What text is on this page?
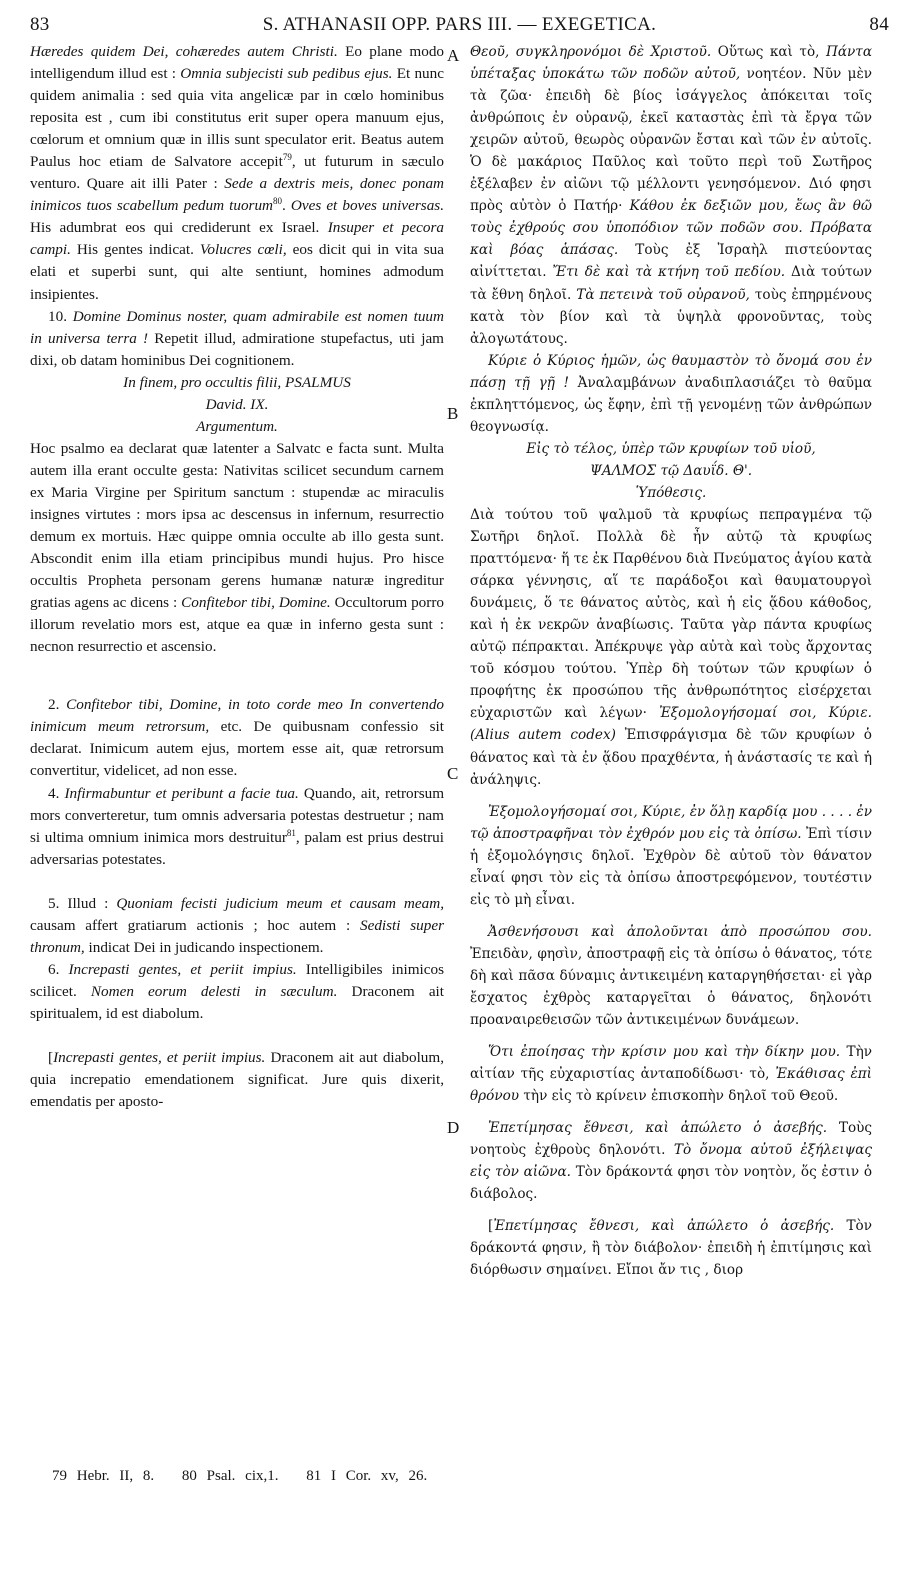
83	S. ATHANASII OPP. PARS III. — EXEGETICA.	84
A
B
C
D

Hæredes quidem Dei, cohæredes autem Christi. Eo plane modo intelligendum illud est : Omnia subjecisti sub pedibus ejus. Et nunc quidem animalia : sed quia vita angelicæ par in cœlo hominibus reposita est , cum ibi constitutus erit super opera manuum ejus, cœlorum et omnium quæ in illis sunt speculator erit. Beatus autem Paulus hoc etiam de Salvatore accepit$^{79}$, ut futurum in sæculo venturo. Quare ait illi Pater : Sede a dextris meis, donec ponam inimicos tuos scabellum pedum tuorum$^{80}$. Oves et boves universas. His adumbrat eos qui crediderunt ex Israel. Insuper et pecora campi. His gentes indicat. Volucres cœli, eos dicit qui in vita sua elati et superbi sunt, qui alte sentiunt, homines admodum insipientes.

10. Domine Dominus noster, quam admirabile est nomen tuum in universa terra ! Repetit illud, admiratione stupefactus, uti jam dixi, ob datam hominibus Dei cognitionem.

In finem, pro occultis filii, PSALMUS

David. IX.

Argumentum.

Hoc psalmo ea declarat quæ latenter a Salvatc e facta sunt. Multa autem illa erant occulte gesta: Nativitas scilicet secundum carnem ex Maria Virgine per Spiritum sanctum : stupendæ ac miraculis insignes virtutes : mors ipsa ac descensus in infernum, resurrectio demum ex mortuis. Hæc quippe omnia occulte ab illo gesta sunt. Abscondit enim illa etiam principibus mundi hujus. Pro hisce occultis Propheta personam gerens humanæ naturæ ingreditur gratias agens ac dicens : Confitebor tibi, Domine. Occultorum porro illorum revelatio mors est, atque ea quæ in inferno gesta sunt : necnon resurrectio et ascensio.

2. Confitebor tibi, Domine, in toto corde meo In convertendo inimicum meum retrorsum, etc. De quibusnam confessio sit declarat. Inimicum autem ejus, mortem esse ait, quæ retrorsum convertitur, videlicet, ad non esse.

4. Infirmabuntur et peribunt a facie tua. Quando, ait, retrorsum mors converteretur, tum omnis adversaria potestas destruetur ; nam si ultima omnium inimica mors destruitur$^{81}$, palam est prius destrui adversarias potestates.

5. Illud : Quoniam fecisti judicium meum et causam meam, causam affert gratiarum actionis ; hoc autem : Sedisti super thronum, indicat Dei in judicando inspectionem.

6. Increpasti gentes, et periit impius. Intelligibiles inimicos scilicet. Nomen eorum delesti in sæculum. Draconem ait spiritualem, id est diabolum.

[Increpasti gentes, et periit impius. Draconem ait aut diabolum, quia increpatio emendationem significat. Jure quis dixerit, emendatis per aposto-

Θεοῦ, συγκληρονόμοι δὲ Χριστοῦ. Οὕτως καὶ τὸ, Πάντα ὑπέταξας ὑποκάτω τῶν ποδῶν αὐτοῦ, νοητέον. Νῦν μὲν τὰ ζῶα· ἐπειδὴ δὲ βίος ἰσάγγελος ἀπόκειται τοῖς ἀνθρώποις ἐν οὐρανῷ, ἐκεῖ καταστὰς ἐπὶ τὰ ἔργα τῶν χειρῶν αὐτοῦ, θεωρὸς οὐρανῶν ἔσται καὶ τῶν ἐν αὐτοῖς. Ὁ δὲ μακάριος Παῦλος καὶ τοῦτο περὶ τοῦ Σωτῆρος ἐξέλαβεν ἐν αἰῶνι τῷ μέλλοντι γενησόμενον. Διό φησι πρὸς αὐτὸν ὁ Πατήρ· Κάθου ἐκ δεξιῶν μου, ἕως ἂν θῶ τοὺς ἐχθρούς σου ὑποπόδιον τῶν ποδῶν σου. Πρόβατα καὶ βόας ἁπάσας. Τοὺς ἐξ Ἰσραὴλ πιστεύοντας αἰνίττεται. Ἔτι δὲ καὶ τὰ κτήνη τοῦ πεδίου. Διὰ τούτων τὰ ἔθνη δηλοῖ. Τὰ πετεινὰ τοῦ οὐρανοῦ, τοὺς ἐπηρμένους κατὰ τὸν βίον καὶ τὰ ὑψηλὰ φρονοῦντας, τοὺς ἀλογωτάτους.

Κύριε ὁ Κύριος ἡμῶν, ὡς θαυμαστὸν τὸ ὄνομά σου ἐν πάσῃ τῇ γῇ ! Ἀναλαμβάνων ἀναδιπλασιάζει τὸ θαῦμα ἐκπληττόμενος, ὡς ἔφην, ἐπὶ τῇ γενομένῃ τῶν ἀνθρώπων θεογνωσίᾳ.

Εἰς τὸ τέλος, ὑπὲρ τῶν κρυφίων τοῦ υἱοῦ,

ΨΑΛΜΟΣ τῷ Δαυΐδ. Θ'.

Ὑπόθεσις.

Διὰ τούτου τοῦ ψαλμοῦ τὰ κρυφίως πεπραγμένα τῷ Σωτῆρι δηλοῖ. Πολλὰ δὲ ἦν αὐτῷ τὰ κρυφίως πραττόμενα· ἥ τε ἐκ Παρθένου διὰ Πνεύματος ἁγίου κατὰ σάρκα γέννησις, αἵ τε παράδοξοι καὶ θαυματουργοὶ δυνάμεις, ὅ τε θάνατος αὐτὸς, καὶ ἡ εἰς ᾅδου κάθοδος, καὶ ἡ ἐκ νεκρῶν ἀναβίωσις. Ταῦτα γὰρ πάντα κρυφίως αὐτῷ πέπρακται. Ἀπέκρυψε γὰρ αὐτὰ καὶ τοὺς ἄρχοντας τοῦ κόσμου τούτου. Ὑπὲρ δὴ τούτων τῶν κρυφίων ὁ προφήτης ἐκ προσώπου τῆς ἀνθρωπότητος εἰσέρχεται εὐχαριστῶν καὶ λέγων· Ἐξομολογήσομαί σοι, Κύριε. (Alius autem codex) Ἐπισφράγισμα δὲ τῶν κρυφίων ὁ θάνατος καὶ τὰ ἐν ᾅδου πραχθέντα, ἡ ἀνάστασίς τε καὶ ἡ ἀνάληψις.

Ἐξομολογήσομαί σοι, Κύριε, ἐν ὅλῃ καρδίᾳ μου . . . . ἐν τῷ ἀποστραφῆναι τὸν ἐχθρόν μου εἰς τὰ ὀπίσω. Ἐπὶ τίσιν ἡ ἐξομολόγησις δηλοῖ. Ἐχθρὸν δὲ αὐτοῦ τὸν θάνατον εἶναί φησι τὸν εἰς τὰ ὀπίσω ἀποστρεφόμενον, τουτέστιν εἰς τὸ μὴ εἶναι.

Ἀσθενήσουσι καὶ ἀπολοῦνται ἀπὸ προσώπου σου. Ἐπειδὰν, φησὶν, ἀποστραφῇ εἰς τὰ ὀπίσω ὁ θάνατος, τότε δὴ καὶ πᾶσα δύναμις ἀντικειμένη καταργηθήσεται· εἰ γὰρ ἔσχατος ἐχθρὸς καταργεῖται ὁ θάνατος, δηλονότι προαναιρεθεισῶν τῶν ἀντικειμένων δυνάμεων.

Ὅτι ἐποίησας τὴν κρίσιν μου καὶ τὴν δίκην μου. Τὴν αἰτίαν τῆς εὐχαριστίας ἀνταποδίδωσι· τὸ, Ἐκάθισας ἐπὶ θρόνου τὴν εἰς τὸ κρίνειν ἐπισκοπὴν δηλοῖ τοῦ Θεοῦ.

Ἐπετίμησας ἔθνεσι, καὶ ἀπώλετο ὁ ἀσεβής. Τοὺς νοητοὺς ἐχθροὺς δηλονότι. Τὸ ὄνομα αὐτοῦ ἐξήλειψας εἰς τὸν αἰῶνα. Τὸν δράκοντά φησι τὸν νοητὸν, ὅς ἐστιν ὁ διάβολος.

[Ἐπετίμησας ἔθνεσι, καὶ ἀπώλετο ὁ ἀσεβής. Τὸν δράκοντά φησιν, ἢ τὸν διάβολον· ἐπειδὴ ἡ ἐπιτίμησις καὶ διόρθωσιν σημαίνει. Εἴποι ἄν τις , διορ

79 Hebr. II, 8. 80 Psal. cix,1. 81 I Cor. xv, 26.
